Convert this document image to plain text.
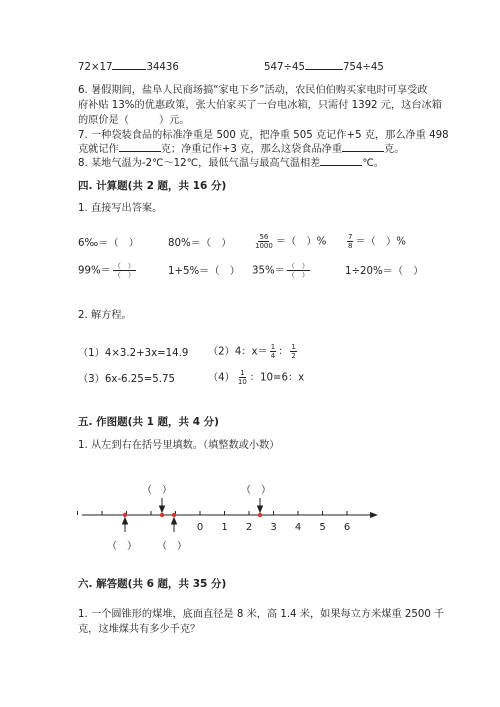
72×17	34436	547÷45	754÷45
6. 暑假期间，盐阜人民商场搞“家电下乡”活动，农民伯伯购买家电时可享受政
府补贴 13%的优惠政策，张大伯家买了一台电冰箱，只需付 1392 元，这台冰箱
的原价是（	）元。
7. 一种袋装食品的标准净重是 500 克，把净重 505 克记作+5 克，那么净重 498
克就记作	克；净重记作+3 克，那么这袋食品净重	克。
8. 某地气温为-2℃～12℃，最低气温与最高气温相差	℃。
四. 计算题(共 2 题，共 16 分)
1. 直接写出答案。
6‰＝（　）	80%＝（　）	$\frac{56}{1000}$ ＝（　）%	$\frac{7}{8}$ ＝（　）%
$99\%= \frac{( )}{( )}$	1+5%＝（　） $35\%= \frac{( )}{( )}$	1÷20%＝（　）
2. 解方程。
（1）4×3.2+3x=14.9 （2）4：$x= \frac{1}{4}$ ： $\frac{1}{2}$
（3）6x-6.25=5.75	$(4) \frac{1}{10}$ ：10=6：x
五. 作图题(共 1 题，共 4 分)
1. 从左到右在括号里填数。（填整数或小数）
0 1 2 3 4 5 6
（　）	（　）
（　） （　）
六. 解答题(共 6 题，共 35 分)
1. 一个圆锥形的煤堆，底面直径是 8 米，高 1.4 米，如果每立方米煤重 2500 千
克，这堆煤共有多少千克？
